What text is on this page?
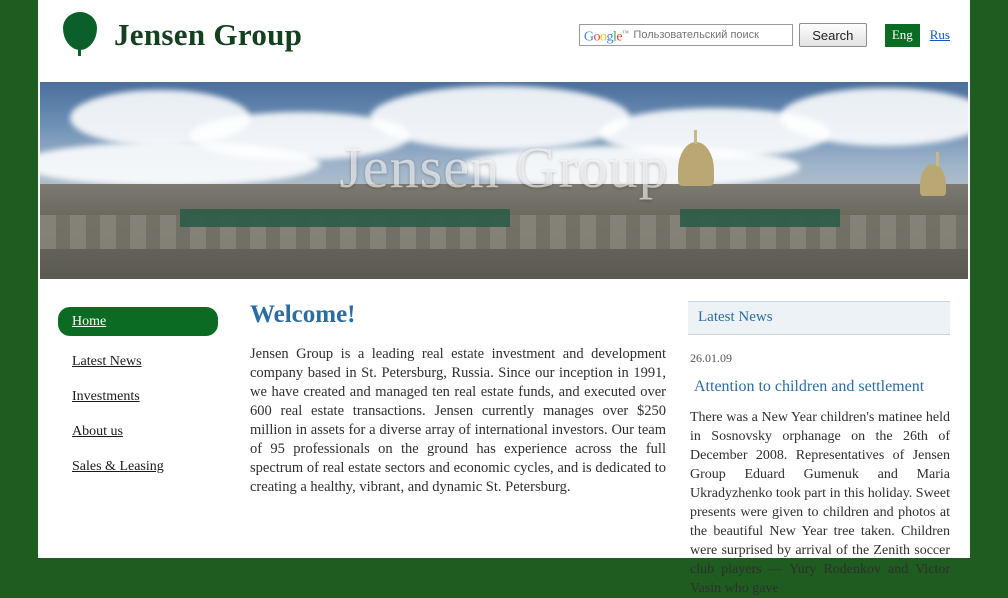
Jensen Group	Google™
Пользовательский поиск	Search	Eng	Rus
Jensen Group
Home
Latest News
Investments
About us
Sales & Leasing
Welcome!

Jensen Group is a leading real estate investment and development company based in St. Petersburg, Russia. Since our inception in 1991, we have created and managed ten real estate funds, and executed over 600 real estate transactions. Jensen currently manages over $250 million in assets for a diverse array of international investors. Our team of 95 professionals on the ground has experience across the full spectrum of real estate sectors and economic cycles, and is dedicated to creating a healthy, vibrant, and dynamic St. Petersburg.

Latest News
26.01.09
Attention to children and settlement

There was a New Year children's matinee held in Sosnovsky orphanage on the 26th of December 2008. Representatives of Jensen Group Eduard Gumenuk and Maria Ukradyzhenko took part in this holiday. Sweet presents were given to children and photos at the beautiful New Year tree taken. Children were surprised by arrival of the Zenith soccer club players — Yury Rodenkov and Victor Vasin who gave
